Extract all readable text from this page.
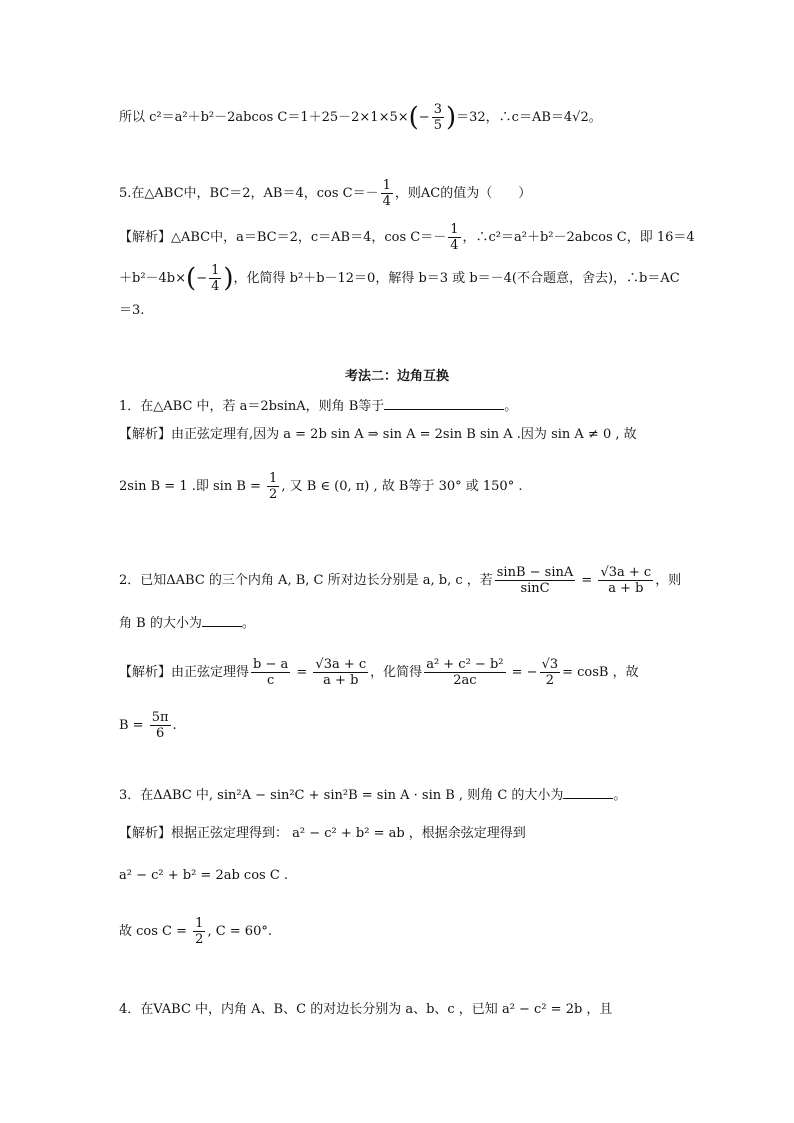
所以 c²＝a²＋b²－2abcos $C=1+25-2\times 1\times 5\times(- \frac{3}{5} )=32$，∴c＝AB＝4√2。
5.在△ABC中，BC＝2，AB＝4，$\cos C=- \frac{1}{4}$ ，则AC的值为（　　）
【解析】△ABC中，a＝BC＝2，c＝AB＝4，$\cos C=- \frac{1}{4}$ ，∴c²＝a²＋b²－2abcos C，即 16＝4
$+b^2-4b\times(- \frac{1}{4}$ )，化简得 b²＋b－12＝0，解得 b＝3 或 b＝－4(不合题意，舍去)，∴b＝AC
＝3.
考法二：边角互换
1．在△ABC 中，若 a＝2bsinA，则角 B等于	。
【解析】由正弦定理有,因为 a = 2b sin A ⇒ sin A = 2sin B sin A .因为 sin A ≠ 0 , 故
2sin B = 1 .即 $\sin B = \frac{1}{2}$ , 又 B ∈ (0, π) , 故 B等于 30° 或 150° .
2．已知ΔABC 的三个内角 A, B, C 所对边长分别是 a, b, c ，若 $\frac{\sin B - \sin A}{\sin C} = \frac{√3a + c}{a + b}$ ，则
角 B 的大小为	。
【解析】由正弦定理得 $\frac{b - a}{c} = \frac{√3a + c}{a + b}$ ，化简得 $\frac{\text{a² + c² − b²}}{2ac}$ = − $\frac{√3}{2} = \cos B$ ，故
$B = \frac{5\pi}{6}$ .
3．在ΔABC 中, sin²A − sin²C + sin²B = sin A · sin B , 则角 C 的大小为	。
【解析】根据正弦定理得到： a² − c² + b² = ab ，根据余弦定理得到
a² − c² + b² = 2ab cos C .
故 $\cos C = \frac{1}{2}$ , C = 60°.
4．在VABC 中，内角 A、B、C 的对边长分别为 a、b、c ，已知 a² − c² = 2b ，且
